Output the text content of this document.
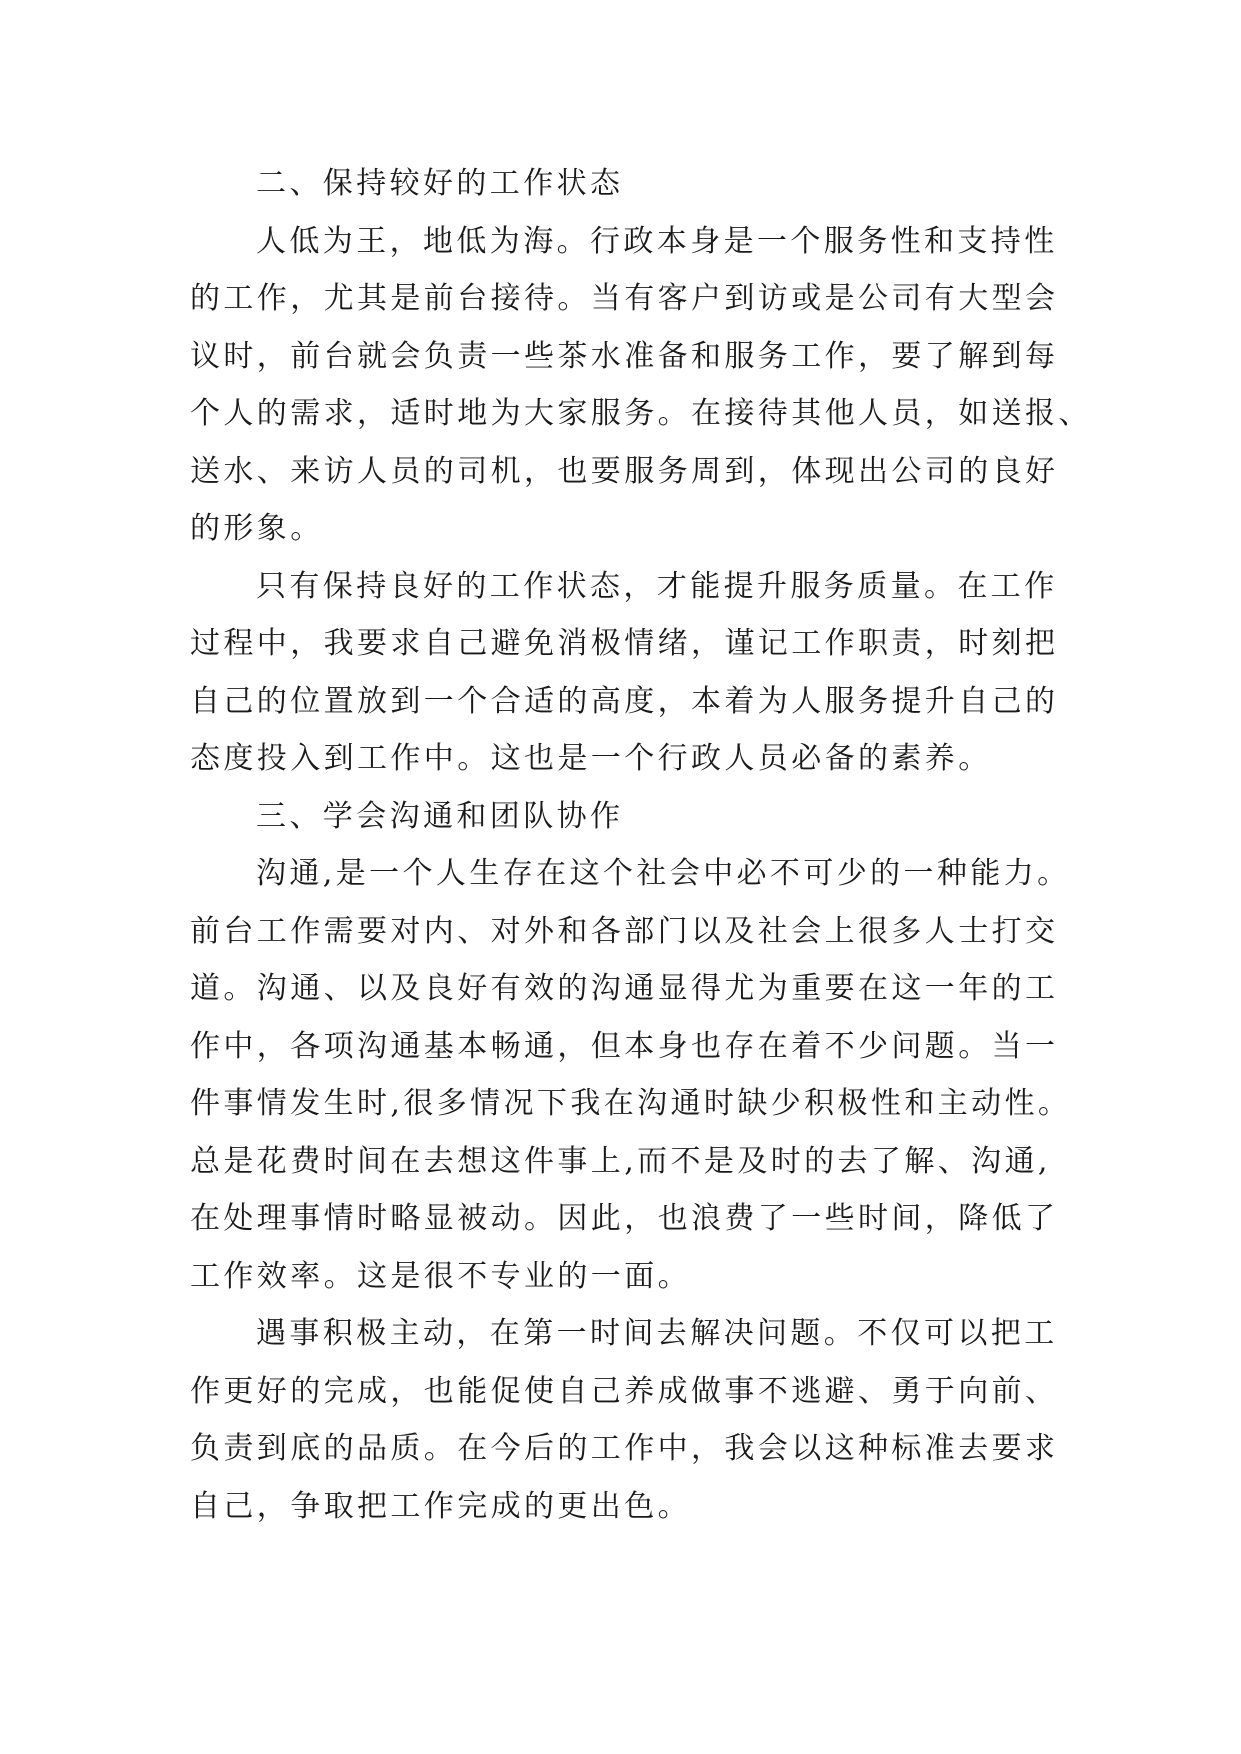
二、保持较好的工作状态
人低为王，地低为海。行政本身是一个服务性和支持性
的工作，尤其是前台接待。当有客户到访或是公司有大型会
议时，前台就会负责一些茶水准备和服务工作，要了解到每
个人的需求，适时地为大家服务。在接待其他人员，如送报、
送水、来访人员的司机，也要服务周到，体现出公司的良好
的形象。
只有保持良好的工作状态，才能提升服务质量。在工作
过程中，我要求自己避免消极情绪，谨记工作职责，时刻把
自己的位置放到一个合适的高度，本着为人服务提升自己的
态度投入到工作中。这也是一个行政人员必备的素养。
三、学会沟通和团队协作
沟通,是一个人生存在这个社会中必不可少的一种能力。
前台工作需要对内、对外和各部门以及社会上很多人士打交
道。沟通、以及良好有效的沟通显得尤为重要在这一年的工
作中，各项沟通基本畅通，但本身也存在着不少问题。当一
件事情发生时,很多情况下我在沟通时缺少积极性和主动性。
总是花费时间在去想这件事上,而不是及时的去了解、沟通,
在处理事情时略显被动。因此，也浪费了一些时间，降低了
工作效率。这是很不专业的一面。
遇事积极主动，在第一时间去解决问题。不仅可以把工
作更好的完成，也能促使自己养成做事不逃避、勇于向前、
负责到底的品质。在今后的工作中，我会以这种标准去要求
自己，争取把工作完成的更出色。
